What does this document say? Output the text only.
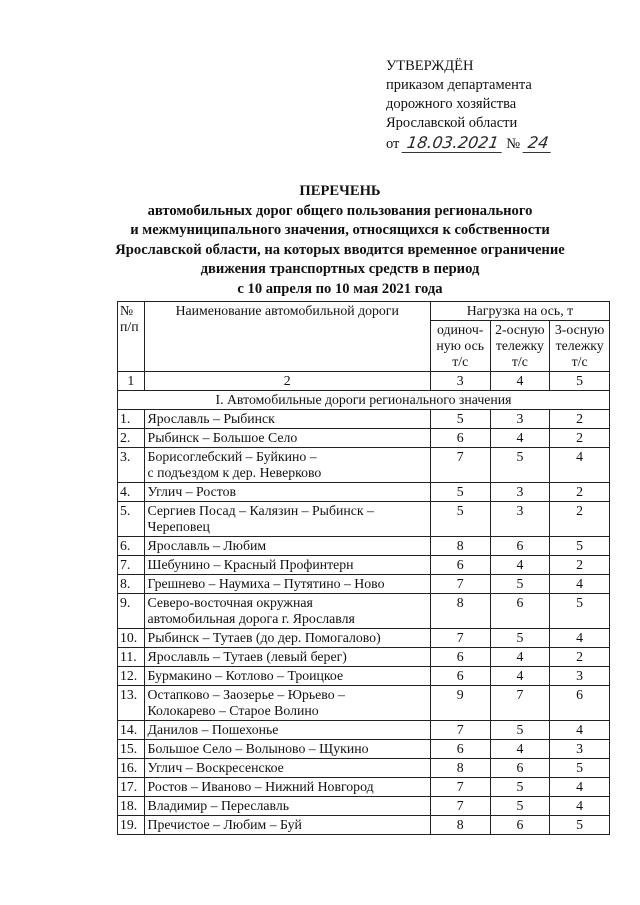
УТВЕРЖДЁН
приказом департамента
дорожного хозяйства
Ярославской области
от 18.03.2021 № 24
ПЕРЕЧЕНЬ
автомобильных дорог общего пользования регионального
и межмуниципального значения, относящихся к собственности
Ярославской области, на которых вводится временное ограничение
движения транспортных средств в период
с 10 апреля по 10 мая 2021 года
№ п/п	Наименование автомобильной дороги	Нагрузка на ось, т		
		одиноч-ную ось т/с	2-осную тележку т/с	3-осную тележку т/с
1	2	3	4	5
I. Автомобильные дороги регионального значения				
1.	Ярославль – Рыбинск	5	3	2
2.	Рыбинск – Большое Село	6	4	2
3.	Борисоглебский – Буйкино –
с подъездом к дер. Неверково	7	5	4
4.	Углич – Ростов	5	3	2
5.	Сергиев Посад – Калязин – Рыбинск –
Череповец	5	3	2
6.	Ярославль – Любим	8	6	5
7.	Шебунино – Красный Профинтерн	6	4	2
8.	Грешнево – Наумиха – Путятино – Ново	7	5	4
9.	Северо-восточная окружная
автомобильная дорога г. Ярославля	8	6	5
10.	Рыбинск – Тутаев (до дер. Помогалово)	7	5	4
11.	Ярославль – Тутаев (левый берег)	6	4	2
12.	Бурмакино – Котлово – Троицкое	6	4	3
13.	Остапково – Заозерье – Юрьево –
Колокарево – Старое Волино	9	7	6
14.	Данилов – Пошехонье	7	5	4
15.	Большое Село – Волыново – Щукино	6	4	3
16.	Углич – Воскресенское	8	6	5
17.	Ростов – Иваново – Нижний Новгород	7	5	4
18.	Владимир – Переславль	7	5	4
19.	Пречистое – Любим – Буй	8	6	5
